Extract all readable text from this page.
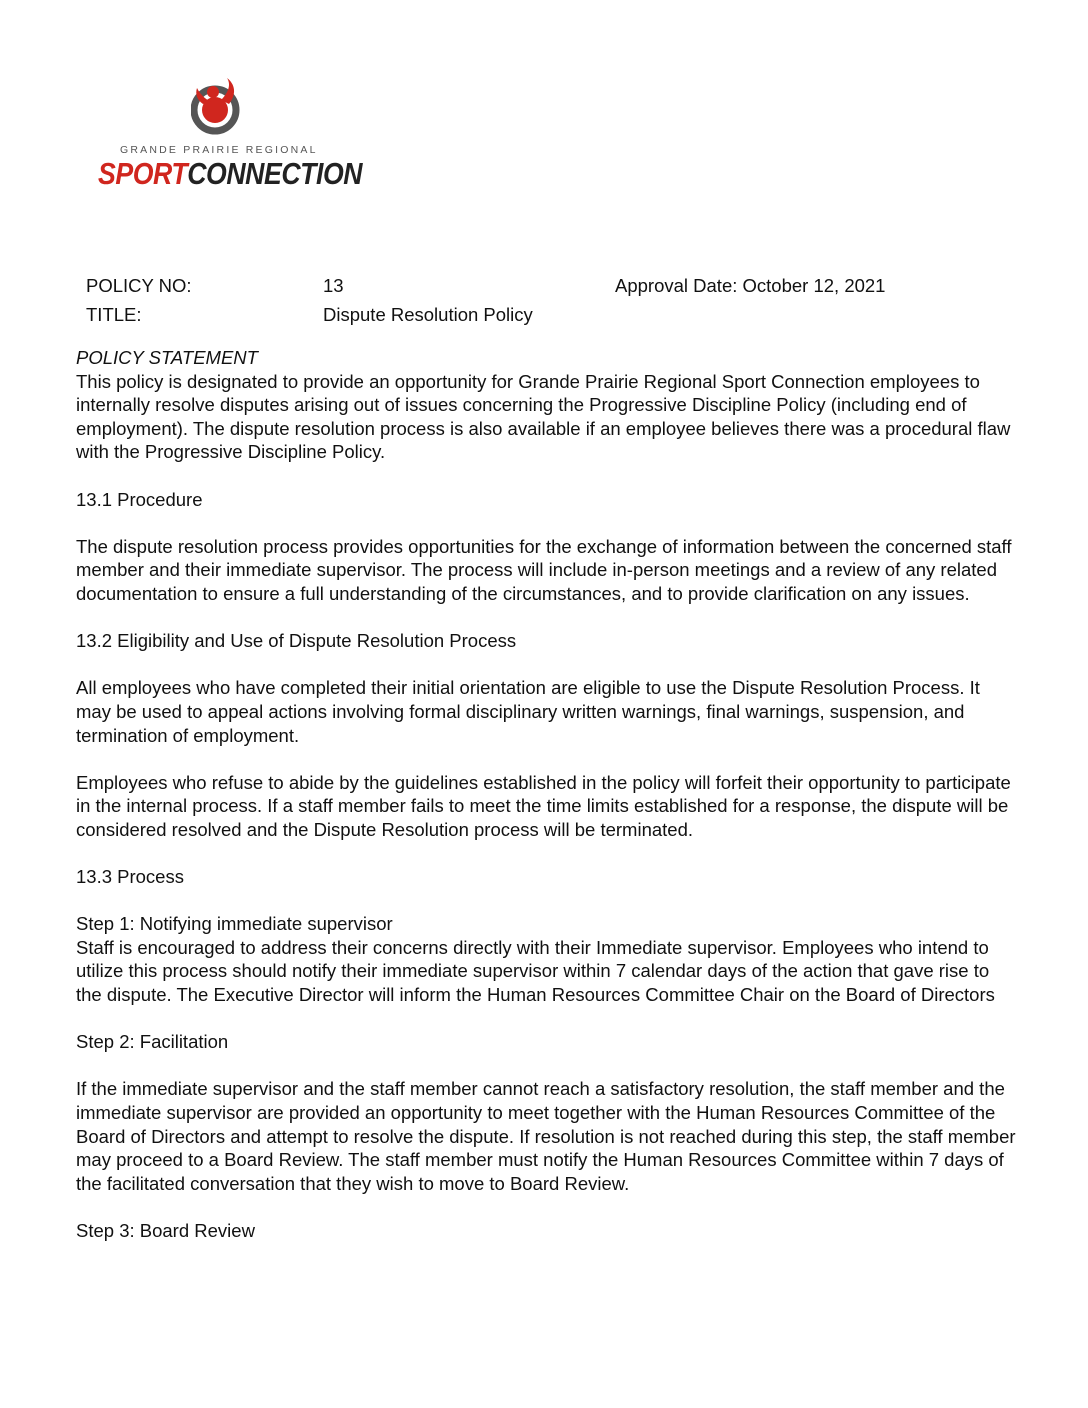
GRANDE PRAIRIE REGIONAL
SPORTCONNECTION
POLICY NO:	13	Approval Date: October 12, 2021
TITLE:	Dispute Resolution Policy

POLICY STATEMENT

This policy is designated to provide an opportunity for Grande Prairie Regional Sport Connection employees to internally resolve disputes arising out of issues concerning the Progressive Discipline Policy (including end of employment). The dispute resolution process is also available if an employee believes there was a procedural flaw with the Progressive Discipline Policy.

13.1 Procedure

The dispute resolution process provides opportunities for the exchange of information between the concerned staff member and their immediate supervisor. The process will include in-person meetings and a review of any related documentation to ensure a full understanding of the circumstances, and to provide clarification on any issues.

13.2 Eligibility and Use of Dispute Resolution Process

All employees who have completed their initial orientation are eligible to use the Dispute Resolution Process. It may be used to appeal actions involving formal disciplinary written warnings, final warnings, suspension, and termination of employment.

Employees who refuse to abide by the guidelines established in the policy will forfeit their opportunity to participate in the internal process. If a staff member fails to meet the time limits established for a response, the dispute will be considered resolved and the Dispute Resolution process will be terminated.

13.3 Process

Step 1: Notifying immediate supervisor

Staff is encouraged to address their concerns directly with their Immediate supervisor. Employees who intend to utilize this process should notify their immediate supervisor within 7 calendar days of the action that gave rise to the dispute. The Executive Director will inform the Human Resources Committee Chair on the Board of Directors

Step 2: Facilitation

If the immediate supervisor and the staff member cannot reach a satisfactory resolution, the staff member and the immediate supervisor are provided an opportunity to meet together with the Human Resources Committee of the Board of Directors and attempt to resolve the dispute. If resolution is not reached during this step, the staff member may proceed to a Board Review. The staff member must notify the Human Resources Committee within 7 days of the facilitated conversation that they wish to move to Board Review.

Step 3: Board Review
